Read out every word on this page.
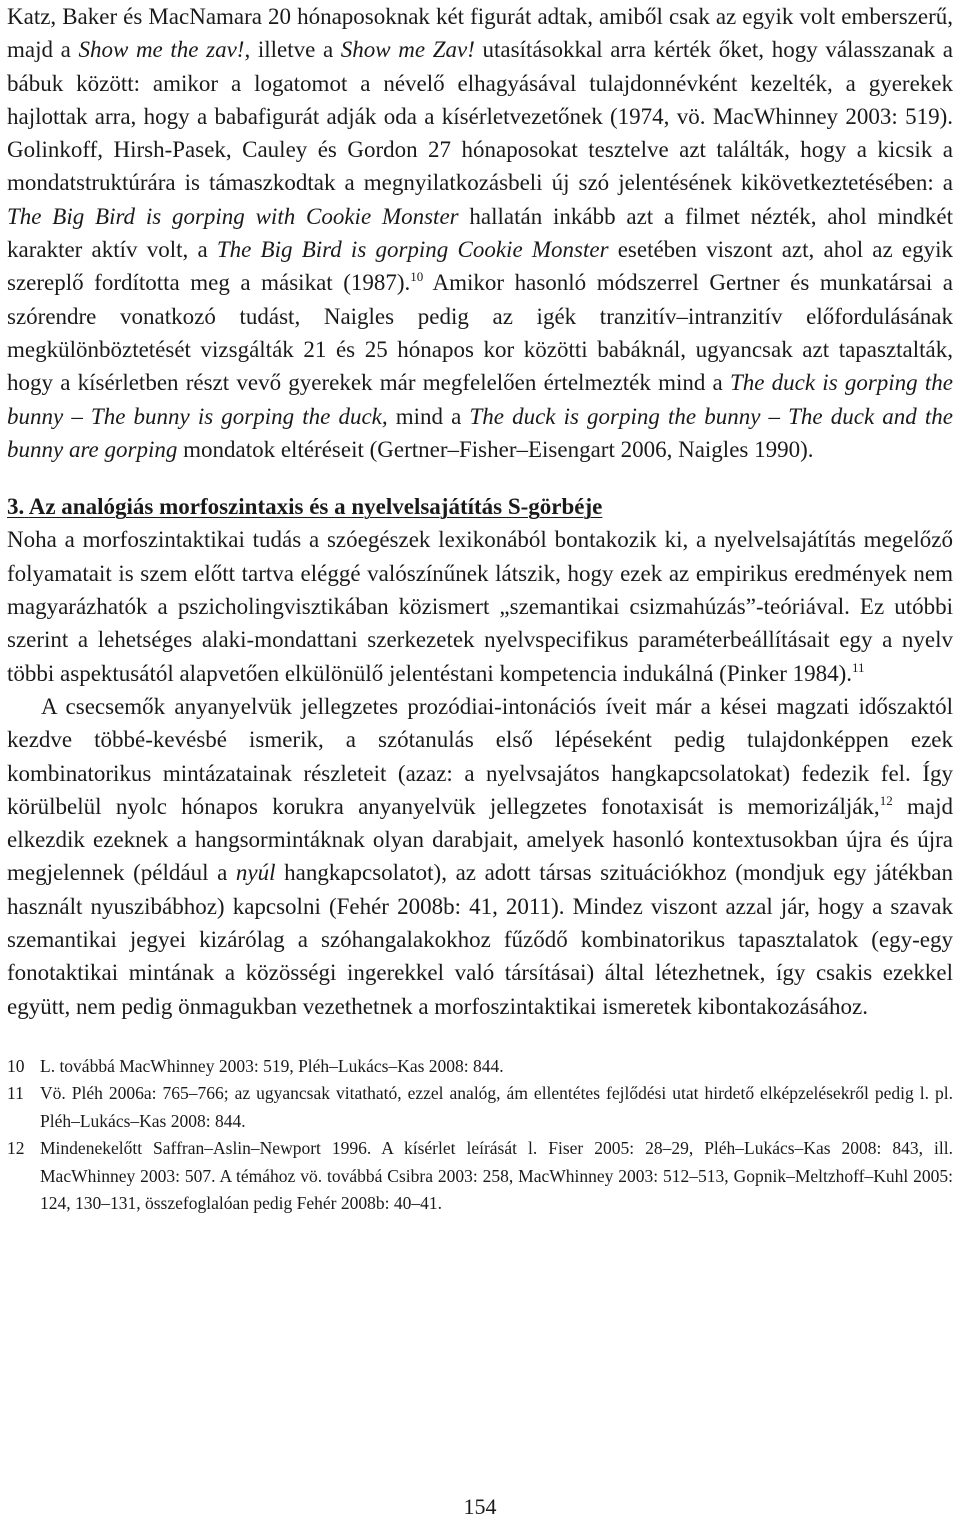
Katz, Baker és MacNamara 20 hónaposoknak két figurát adtak, amiből csak az egyik volt emberszerű, majd a Show me the zav!, illetve a Show me Zav! utasításokkal arra kérték őket, hogy válasszanak a bábuk között: amikor a logatomot a névelő elhagyásával tulajdonnévként kezelték, a gyerekek hajlottak arra, hogy a babafigurát adják oda a kísérletvezetőnek (1974, vö. MacWhinney 2003: 519). Golinkoff, Hirsh-Pasek, Cauley és Gordon 27 hónaposokat tesztelve azt találták, hogy a kicsik a mondatstruktúrára is támaszkodtak a megnyilatkozásbeli új szó jelentésének kikövetkeztetésében: a The Big Bird is gorping with Cookie Monster hallatán inkább azt a filmet nézték, ahol mindkét karakter aktív volt, a The Big Bird is gorping Cookie Monster esetében viszont azt, ahol az egyik szereplő fordította meg a másikat (1987).$^{10}$ Amikor hasonló módszerrel Gertner és munkatársai a szórendre vonatkozó tudást, Naigles pedig az igék tranzitív–intranzitív előfordulásának megkülönböztetését vizsgálták 21 és 25 hónapos kor közötti babáknál, ugyancsak azt tapasztalták, hogy a kísérletben részt vevő gyerekek már megfelelően értelmezték mind a The duck is gorping the bunny – The bunny is gorping the duck, mind a The duck is gorping the bunny – The duck and the bunny are gorping mondatok eltéréseit (Gertner–Fisher–Eisengart 2006, Naigles 1990).

3. Az analógiás morfoszintaxis és a nyelvelsajátítás S-görbéje

Noha a morfoszintaktikai tudás a szóegészek lexikonából bontakozik ki, a nyelvelsajátítás megelőző folyamatait is szem előtt tartva eléggé valószínűnek látszik, hogy ezek az empirikus eredmények nem magyarázhatók a pszicholingvisztikában közismert „szemantikai csizmahúzás”-teóriával. Ez utóbbi szerint a lehetséges alaki-mondattani szerkezetek nyelvspecifikus paraméterbeállításait egy a nyelv többi aspektusától alapvetően elkülönülő jelentéstani kompetencia indukálná (Pinker 1984).$^{11}$

A csecsemők anyanyelvük jellegzetes prozódiai-intonációs íveit már a kései magzati időszaktól kezdve többé-kevésbé ismerik, a szótanulás első lépéseként pedig tulajdonképpen ezek kombinatorikus mintázatainak részleteit (azaz: a nyelvsajátos hangkapcsolatokat) fedezik fel. Így körülbelül nyolc hónapos korukra anyanyelvük jellegzetes fonotaxisát is memorizálják,$^{12}$ majd elkezdik ezeknek a hangsormintáknak olyan darabjait, amelyek hasonló kontextusokban újra és újra megjelennek (például a nyúl hangkapcsolatot), az adott társas szituációkhoz (mondjuk egy játékban használt nyuszibábhoz) kapcsolni (Fehér 2008b: 41, 2011). Mindez viszont azzal jár, hogy a szavak szemantikai jegyei kizárólag a szóhangalakokhoz fűződő kombinatorikus tapasztalatok (egy-egy fonotaktikai mintának a közösségi ingerekkel való társításai) által létezhetnek, így csakis ezekkel együtt, nem pedig önmagukban vezethetnek a morfoszintaktikai ismeretek kibontakozásához.

10 L. továbbá MacWhinney 2003: 519, Pléh–Lukács–Kas 2008: 844.
11 Vö. Pléh 2006a: 765–766; az ugyancsak vitatható, ezzel analóg, ám ellentétes fejlődési utat hirdető elképzelésekről pedig l. pl. Pléh–Lukács–Kas 2008: 844.
12 Mindenekelőtt Saffran–Aslin–Newport 1996. A kísérlet leírását l. Fiser 2005: 28–29, Pléh–Lukács–Kas 2008: 843, ill. MacWhinney 2003: 507. A témához vö. továbbá Csibra 2003: 258, MacWhinney 2003: 512–513, Gopnik–Meltzhoff–Kuhl 2005: 124, 130–131, összefoglalóan pedig Fehér 2008b: 40–41.
154
